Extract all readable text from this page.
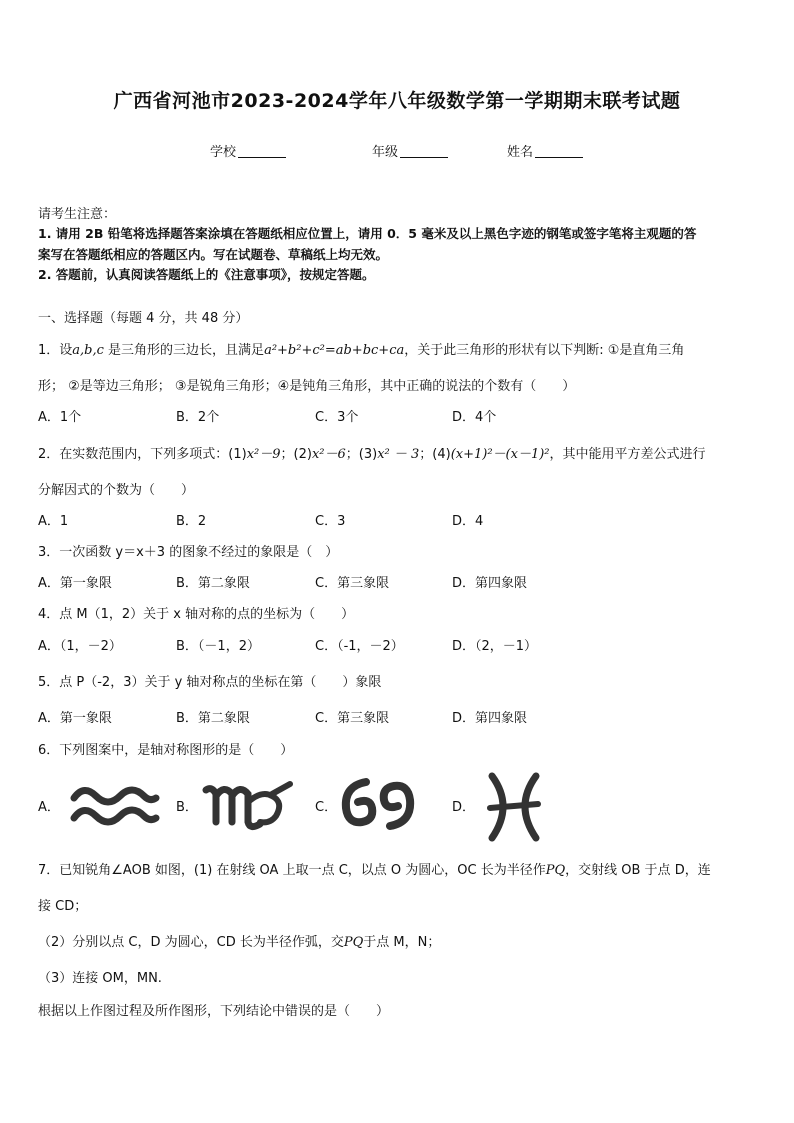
广西省河池市2023-2024学年八年级数学第一学期期末联考试题
学校	年级	姓名
请考生注意：
1. 请用 2B 铅笔将选择题答案涂填在答题纸相应位置上，请用 0．5 毫米及以上黑色字迹的钢笔或签字笔将主观题的答
案写在答题纸相应的答题区内。写在试题卷、草稿纸上均无效。
2. 答题前，认真阅读答题纸上的《注意事项》，按规定答题。
一、选择题（每题 4 分，共 48 分）
1．设a,b,c 是三角形的三边长，且满足a²+b²+c²=ab+bc+ca，关于此三角形的形状有以下判断: ①是直角三角
形； ②是等边三角形； ③是锐角三角形；④是钝角三角形，其中正确的说法的个数有（　　）
A．1个	B．2个	C．3个	D．4个
2．在实数范围内，下列多项式：(1)x²－9；(2)x²－6；(3)x² － 3；(4)(x+1)²－(x－1)²，其中能用平方差公式进行
分解因式的个数为（　　）
A．1	B．2	C．3	D．4
3．一次函数 y＝x＋3 的图象不经过的象限是（　）
A．第一象限	B．第二象限	C．第三象限	D．第四象限
4．点 M（1，2）关于 x 轴对称的点的坐标为（　　）
A．（1，－2）	B．（－1，2）	C．（-1，－2）	D．（2，－1）
5．点 P（-2，3）关于 y 轴对称点的坐标在第（　　）象限
A．第一象限	B．第二象限	C．第三象限	D．第四象限
6．下列图案中，是轴对称图形的是（　　）
A．	B．	C．	D．
7．已知锐角∠AOB 如图，(1) 在射线 OA 上取一点 C，以点 O 为圆心，OC 长为半径作PQ，交射线 OB 于点 D，连
接 CD；
（2）分别以点 C，D 为圆心，CD 长为半径作弧，交PQ于点 M，N；
（3）连接 OM，MN.
根据以上作图过程及所作图形，下列结论中错误的是（　　）
